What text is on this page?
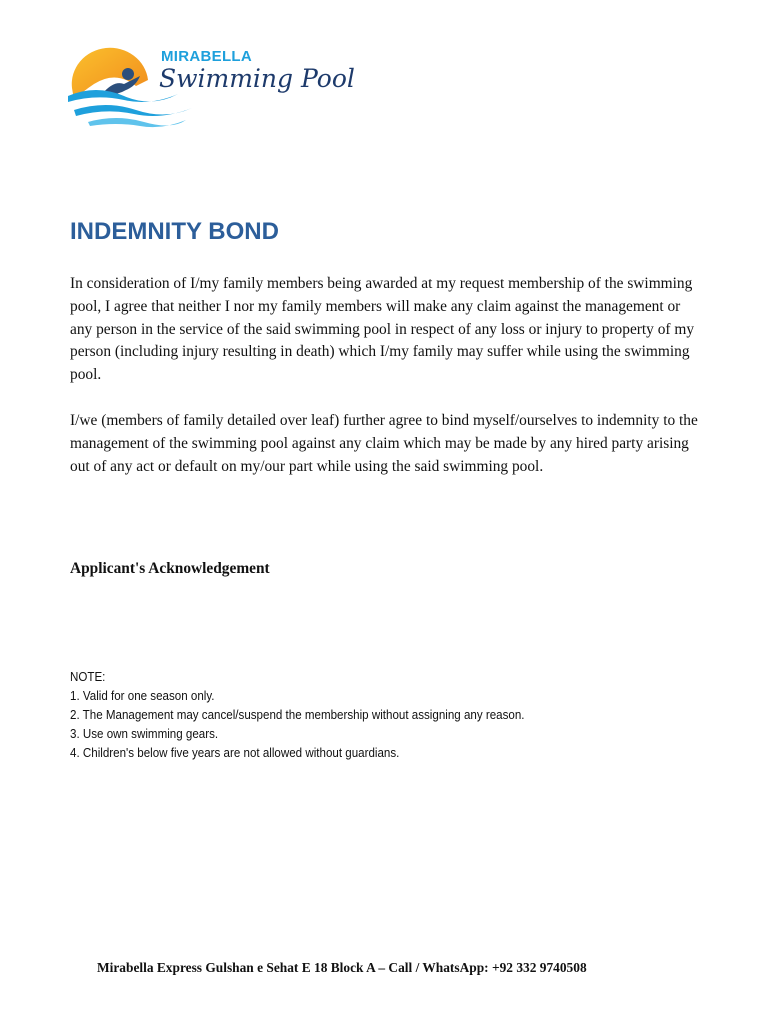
MIRABELLA
Swimming Pool
INDEMNITY BOND

In consideration of I/my family members being awarded at my request membership of the swimming pool, I agree that neither I nor my family members will make any claim against the management or any person in the service of the said swimming pool in respect of any loss or injury to property of my person (including injury resulting in death) which I/my family may suffer while using the swimming pool.

I/we (members of family detailed over leaf) further agree to bind myself/ourselves to indemnity to the management of the swimming pool against any claim which may be made by any hired party arising out of any act or default on my/our part while using the said swimming pool.

Applicant's Acknowledgement

NOTE:
1. Valid for one season only.
2. The Management may cancel/suspend the membership without assigning any reason.
3. Use own swimming gears.
4. Children's below five years are not allowed without guardians.
Mirabella Express Gulshan e Sehat E 18 Block A – Call / WhatsApp: +92 332 9740508
